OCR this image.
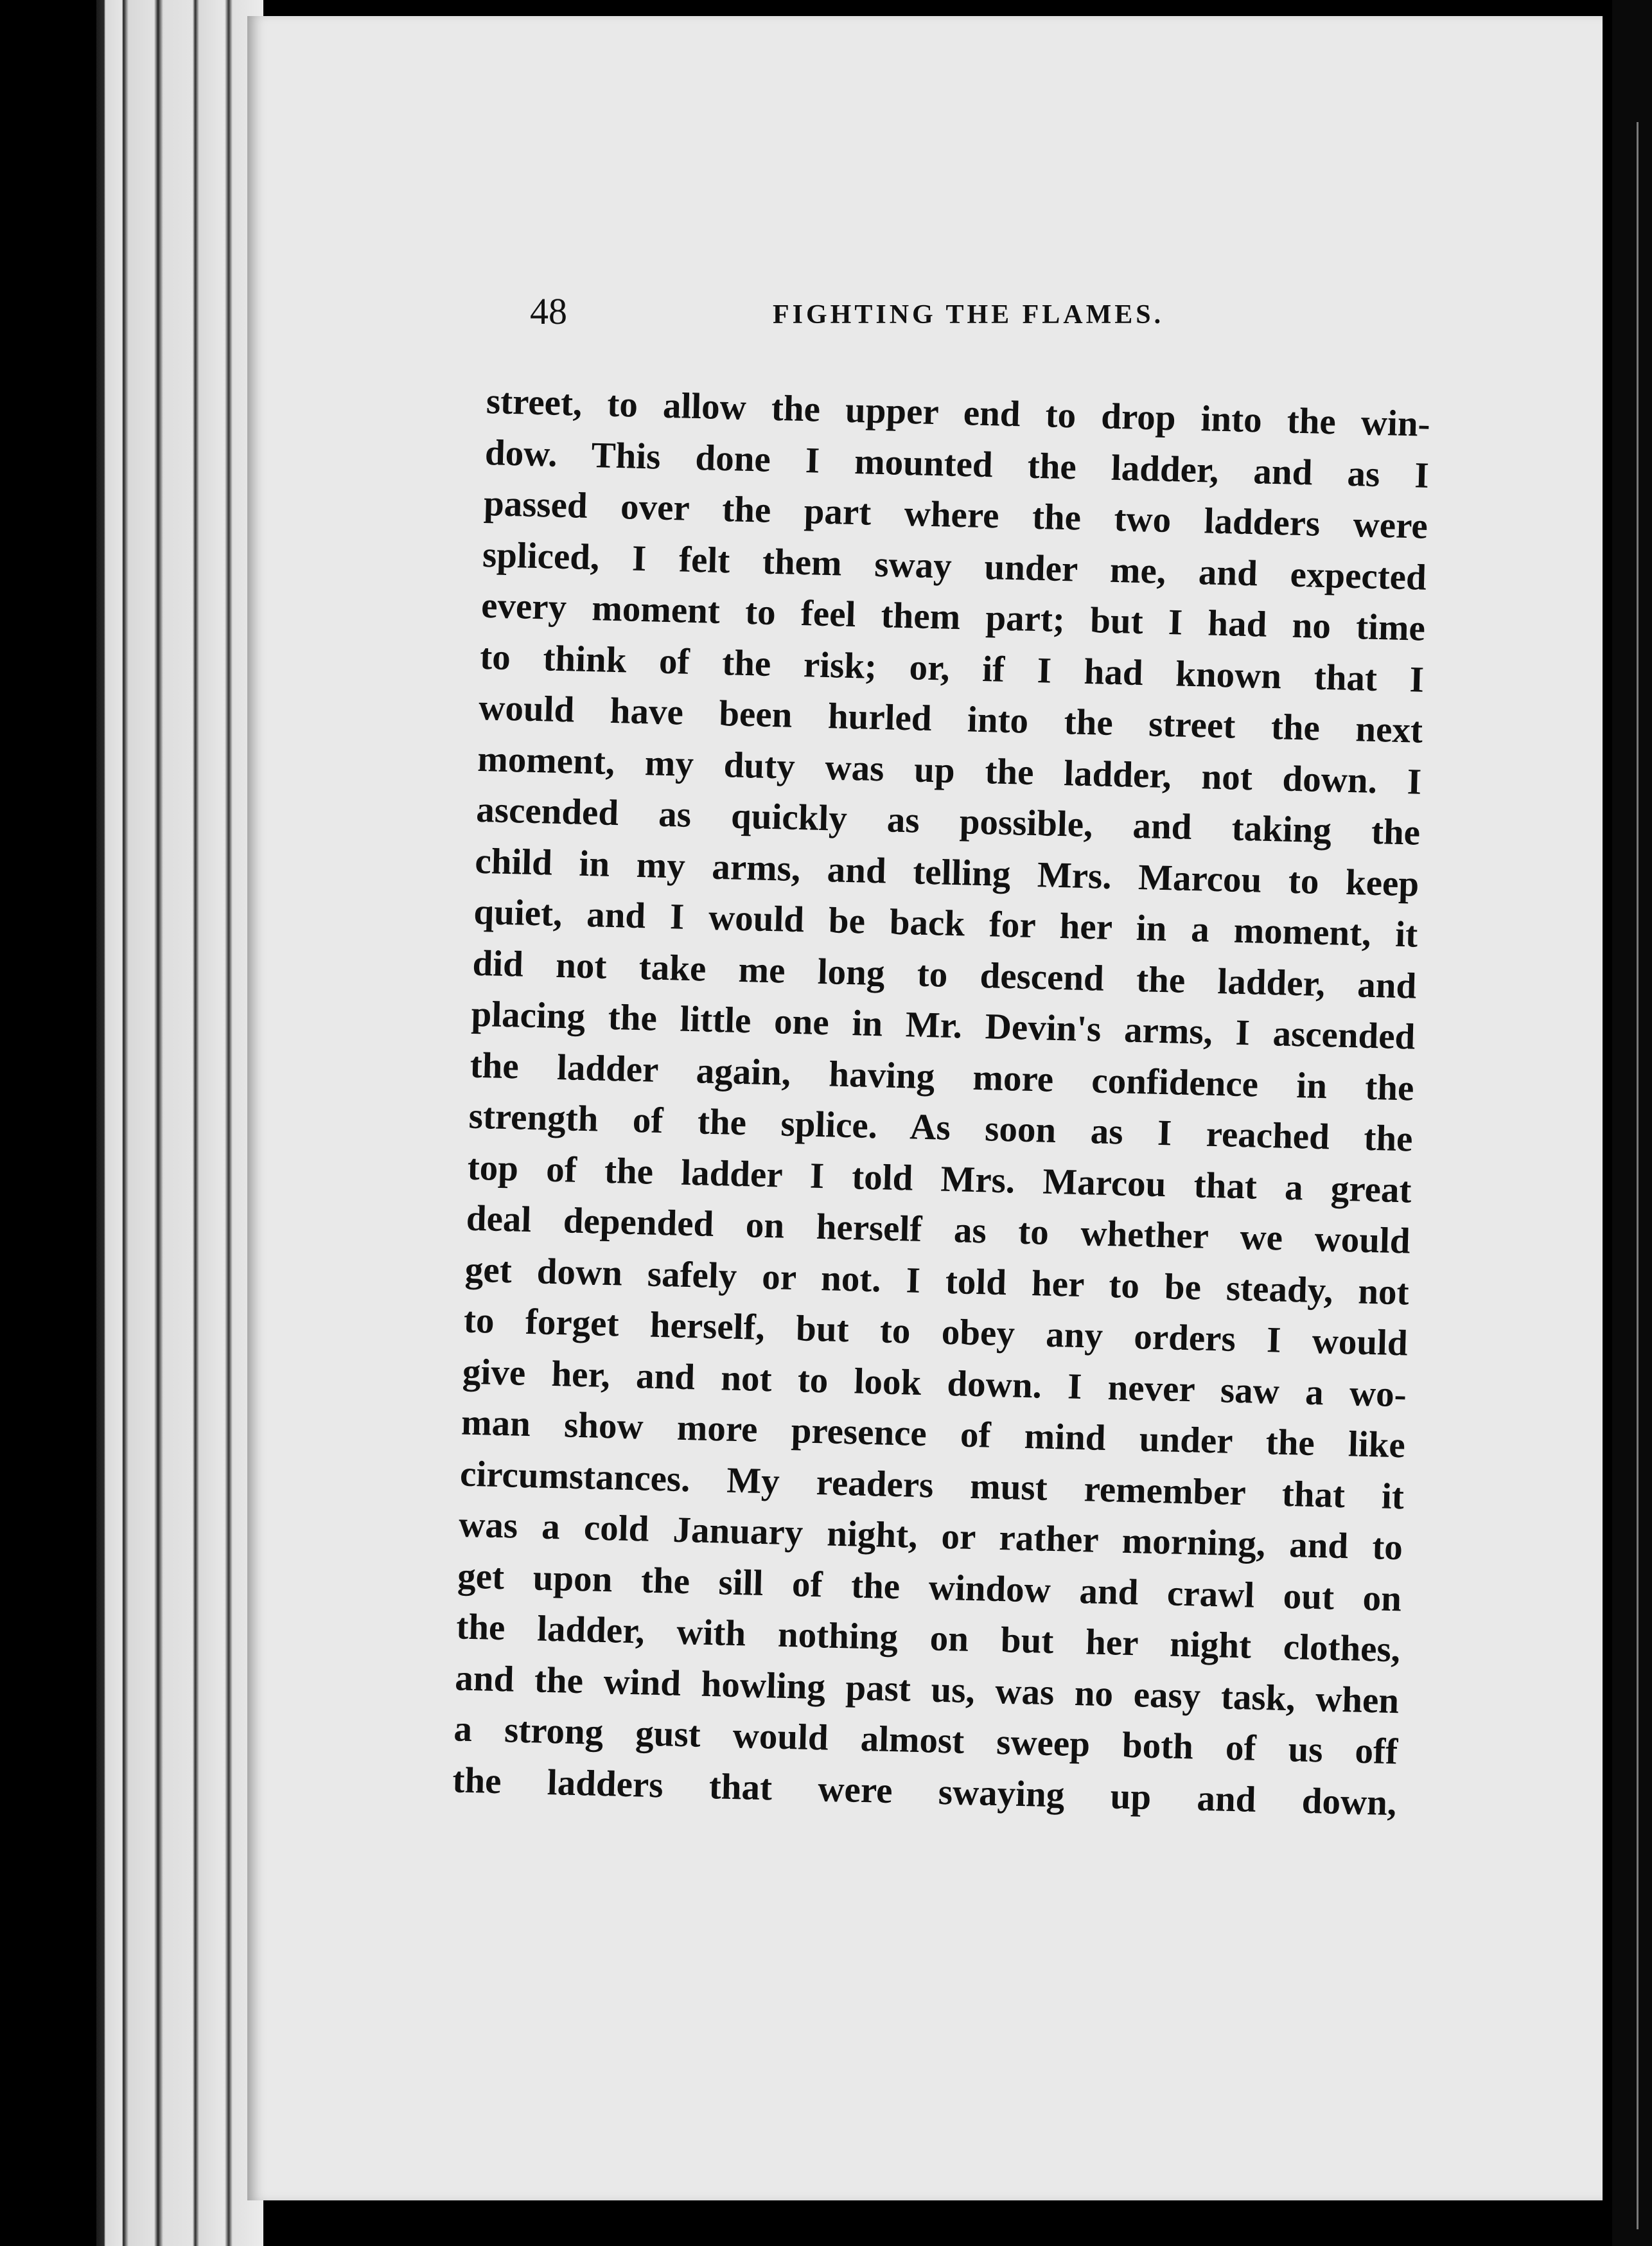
48	FIGHTING THE FLAMES.
street, to allow the upper end to drop into the win-
dow. This done I mounted the ladder, and as I
passed over the part where the two ladders were
spliced, I felt them sway under me, and expected
every moment to feel them part; but I had no time
to think of the risk; or, if I had known that I
would have been hurled into the street the next
moment, my duty was up the ladder, not down. I
ascended as quickly as possible, and taking the
child in my arms, and telling Mrs. Marcou to keep
quiet, and I would be back for her in a moment, it
did not take me long to descend the ladder, and
placing the little one in Mr. Devin's arms, I ascended
the ladder again, having more confidence in the
strength of the splice. As soon as I reached the
top of the ladder I told Mrs. Marcou that a great
deal depended on herself as to whether we would
get down safely or not. I told her to be steady, not
to forget herself, but to obey any orders I would
give her, and not to look down. I never saw a wo-
man show more presence of mind under the like
circumstances. My readers must remember that it
was a cold January night, or rather morning, and to
get upon the sill of the window and crawl out on
the ladder, with nothing on but her night clothes,
and the wind howling past us, was no easy task, when
a strong gust would almost sweep both of us off
the ladders that were swaying up and down,
